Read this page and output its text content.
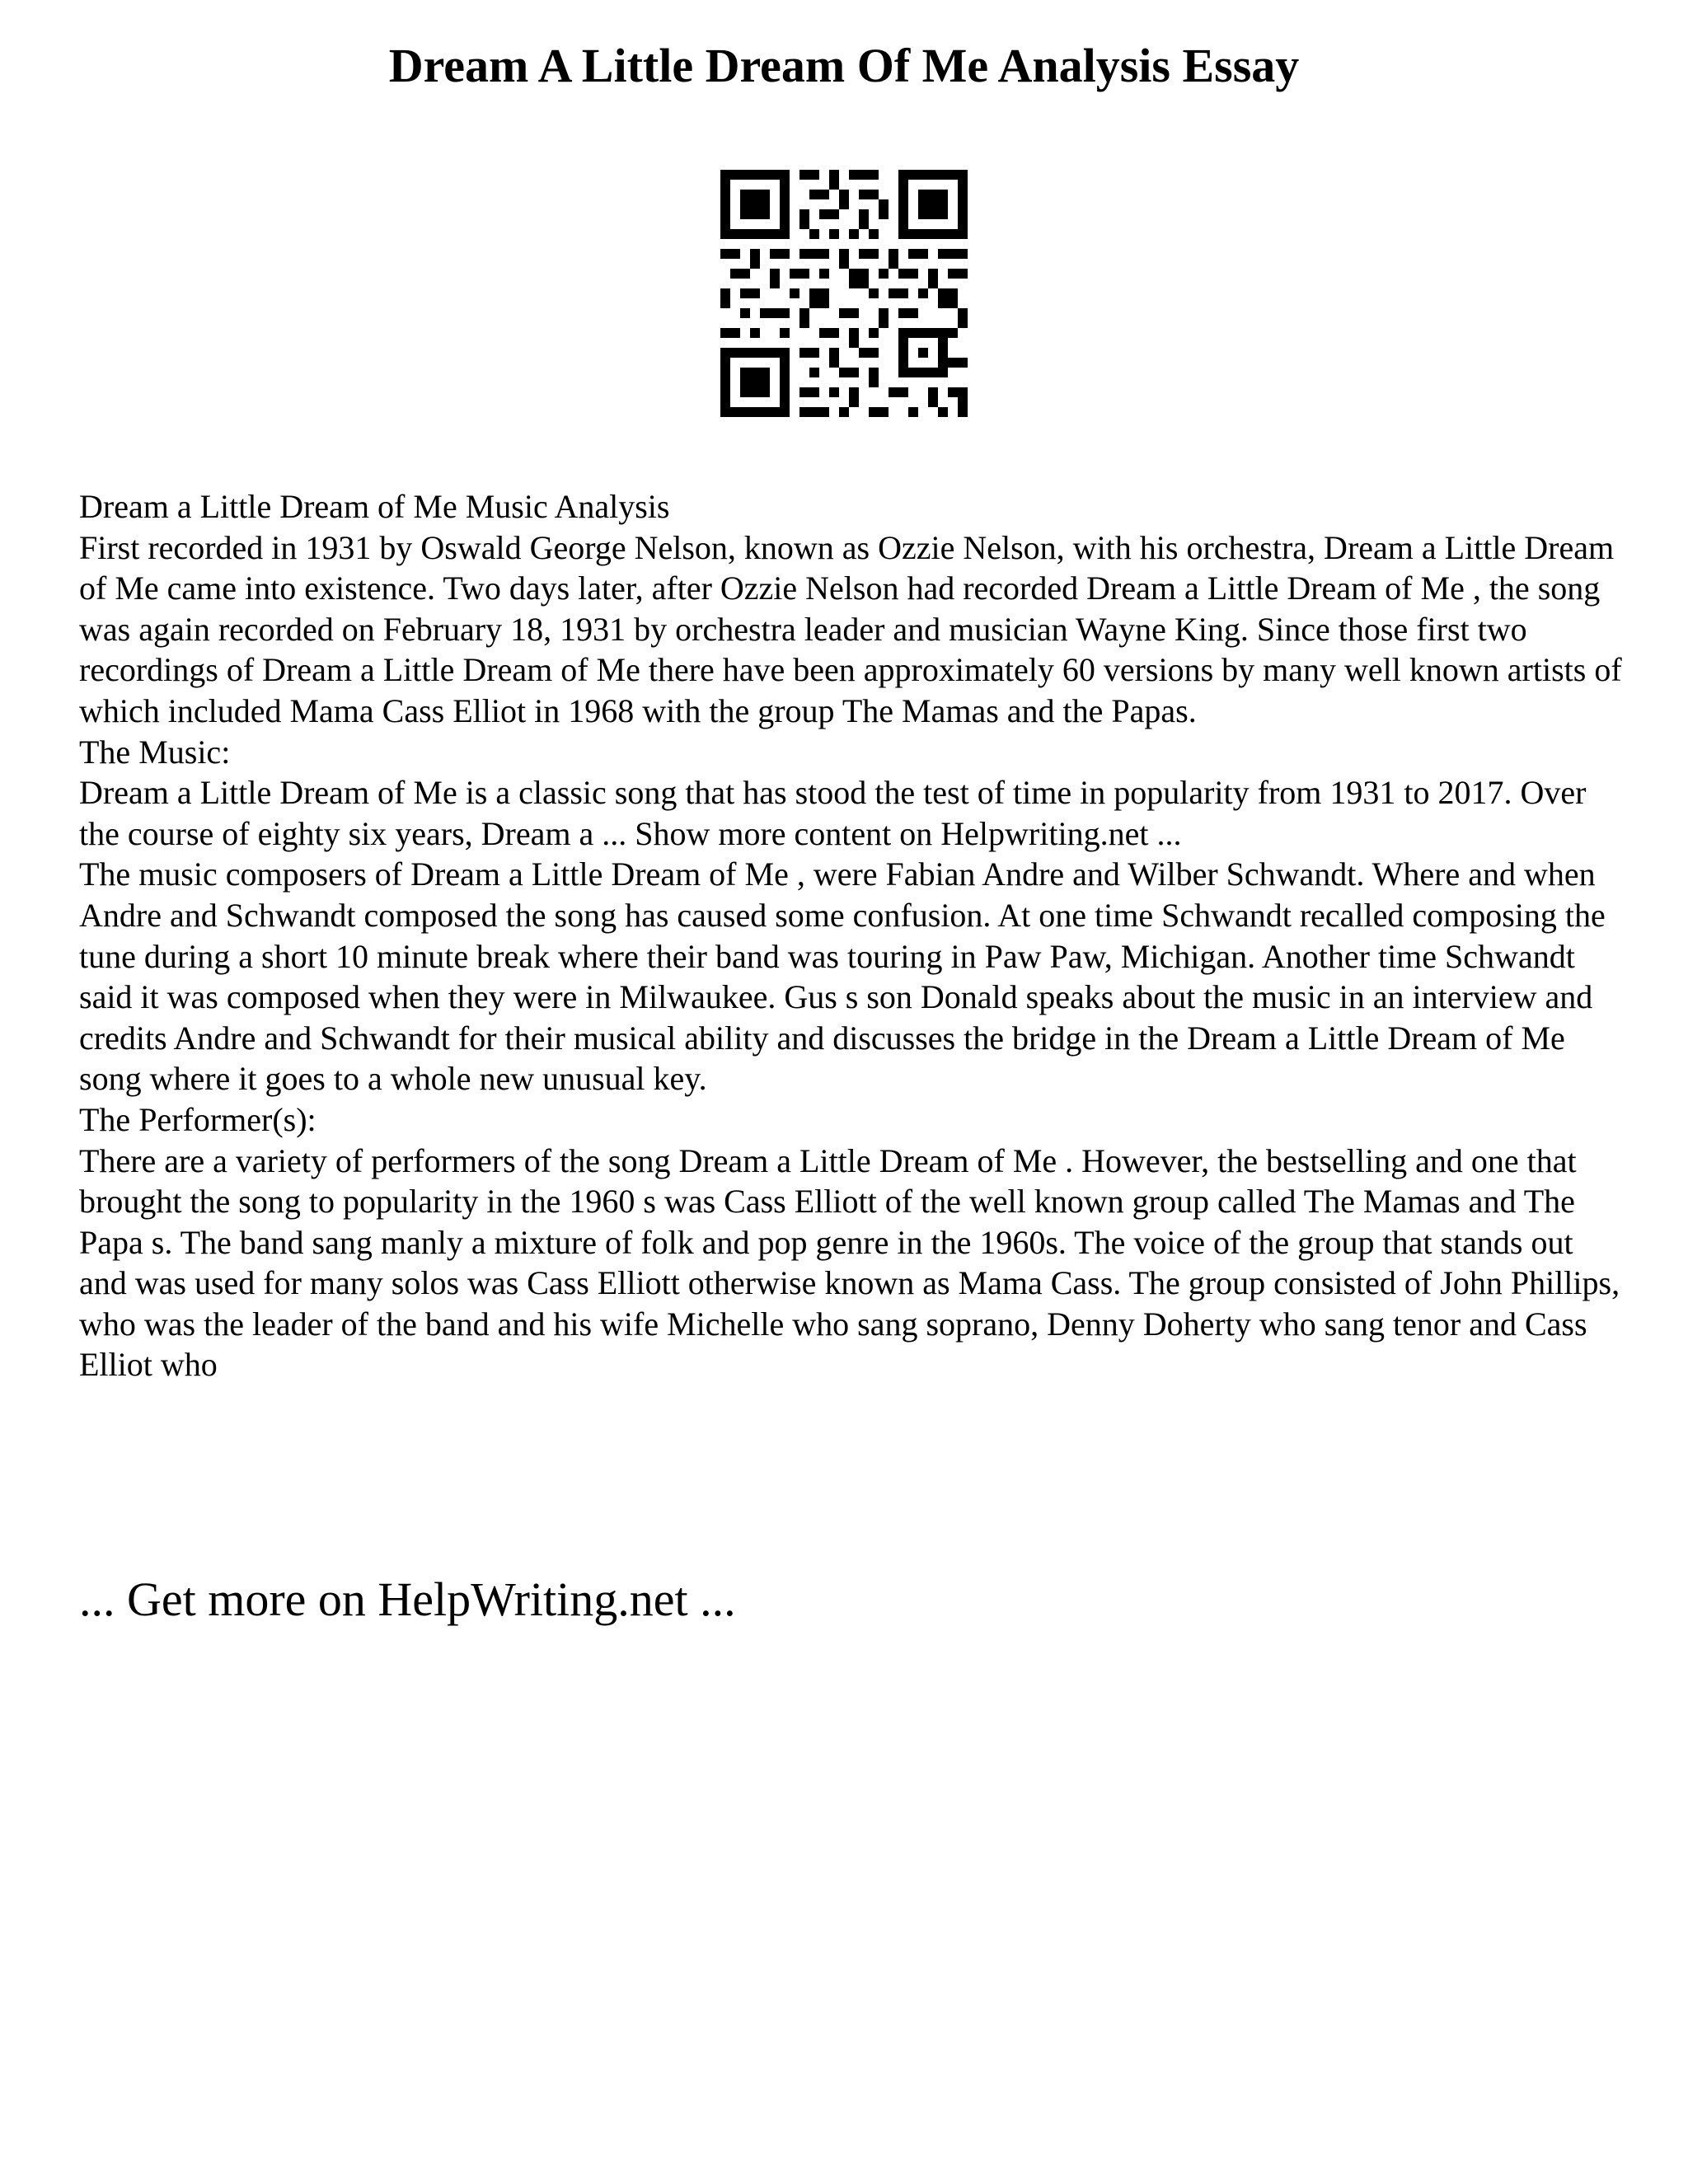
Dream A Little Dream Of Me Analysis Essay

Dream a Little Dream of Me Music Analysis

First recorded in 1931 by Oswald George Nelson, known as Ozzie Nelson, with his orchestra, Dream a Little Dream of Me came into existence. Two days later, after Ozzie Nelson had recorded Dream a Little Dream of Me , the song was again recorded on February 18, 1931 by orchestra leader and musician Wayne King. Since those first two recordings of Dream a Little Dream of Me there have been approximately 60 versions by many well known artists of which included Mama Cass Elliot in 1968 with the group The Mamas and the Papas.

The Music:

Dream a Little Dream of Me is a classic song that has stood the test of time in popularity from 1931 to 2017. Over the course of eighty six years, Dream a ... Show more content on Helpwriting.net ...

The music composers of Dream a Little Dream of Me , were Fabian Andre and Wilber Schwandt. Where and when Andre and Schwandt composed the song has caused some confusion. At one time Schwandt recalled composing the tune during a short 10 minute break where their band was touring in Paw Paw, Michigan. Another time Schwandt said it was composed when they were in Milwaukee. Gus s son Donald speaks about the music in an interview and credits Andre and Schwandt for their musical ability and discusses the bridge in the Dream a Little Dream of Me song where it goes to a whole new unusual key.

The Performer(s):

There are a variety of performers of the song Dream a Little Dream of Me . However, the bestselling and one that brought the song to popularity in the 1960 s was Cass Elliott of the well known group called The Mamas and The Papa s. The band sang manly a mixture of folk and pop genre in the 1960s. The voice of the group that stands out and was used for many solos was Cass Elliott otherwise known as Mama Cass. The group consisted of John Phillips, who was the leader of the band and his wife Michelle who sang soprano, Denny Doherty who sang tenor and Cass Elliot who

... Get more on HelpWriting.net ...
